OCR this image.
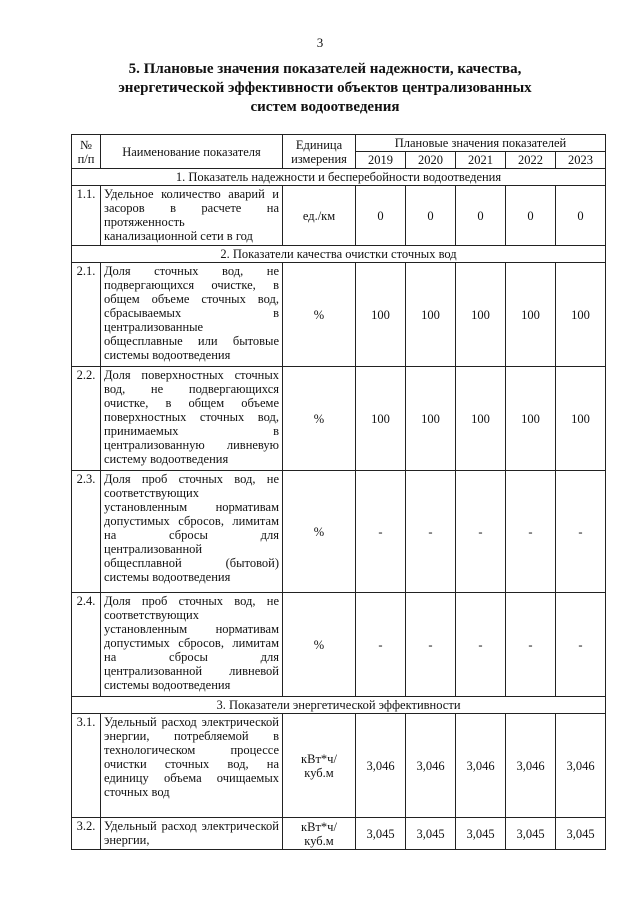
3
5. Плановые значения показателей надежности, качества, энергетической эффективности объектов централизованных систем водоотведения
№ п/п	Наименование показателя	Единица измерения	Плановые значения показателей				
			2019	2020	2021	2022	2023
1. Показатель надежности и бесперебойности водоотведения							
1.1.	Удельное количество аварий и засоров в расчете на протяженность канализационной сети в год	ед./км	0	0	0	0	0
2. Показатели качества очистки сточных вод							
2.1.	Доля сточных вод, не подвергающихся очистке, в общем объеме сточных вод, сбрасываемых в централизованные общесплавные или бытовые системы водоотведения	%	100	100	100	100	100
2.2.	Доля поверхностных сточных вод, не подвергающихся очистке, в общем объеме поверхностных сточных вод, принимаемых в централизованную ливневую систему водоотведения	%	100	100	100	100	100
2.3.	Доля проб сточных вод, не соответствующих установленным нормативам допустимых сбросов, лимитам на сбросы для централизованной общесплавной (бытовой) системы водоотведения	%	-	-	-	-	-
2.4.	Доля проб сточных вод, не соответствующих установленным нормативам допустимых сбросов, лимитам на сбросы для централизованной ливневой системы водоотведения	%	-	-	-	-	-
3. Показатели энергетической эффективности							
3.1.	Удельный расход электрической энергии, потребляемой в технологическом процессе очистки сточных вод, на единицу объема очищаемых сточных вод	кВт*ч/ куб.м	3,046	3,046	3,046	3,046	3,046
3.2.	Удельный расход электрической энергии,	кВт*ч/ куб.м	3,045	3,045	3,045	3,045	3,045
